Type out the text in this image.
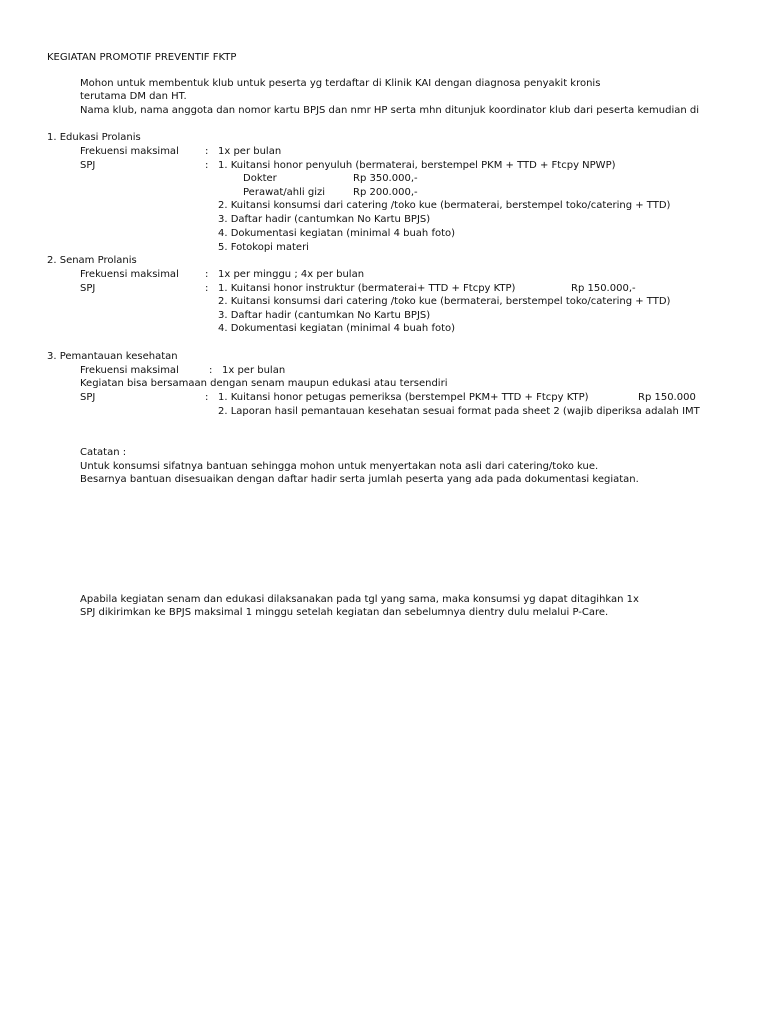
KEGIATAN PROMOTIF PREVENTIF FKTP
Mohon untuk membentuk klub untuk peserta yg terdaftar di Klinik KAI dengan diagnosa penyakit kronis
terutama DM dan HT.
Nama klub, nama anggota dan nomor kartu BPJS dan nmr HP serta mhn ditunjuk koordinator klub dari peserta kemudian di
1. Edukasi Prolanis
Frekuensi maksimal	: 1x per bulan
SPJ	: 1. Kuitansi honor penyuluh (bermaterai, berstempel PKM + TTD + Ftcpy NPWP)
Dokter	Rp 350.000,-
Perawat/ahli gizi	Rp 200.000,-
2. Kuitansi konsumsi dari catering /toko kue (bermaterai, berstempel toko/catering + TTD)
3. Daftar hadir (cantumkan No Kartu BPJS)
4. Dokumentasi kegiatan (minimal 4 buah foto)
5. Fotokopi materi
2. Senam Prolanis
Frekuensi maksimal	: 1x per minggu ; 4x per bulan
SPJ	: 1. Kuitansi honor instruktur (bermaterai+ TTD + Ftcpy KTP)	Rp 150.000,-
2. Kuitansi konsumsi dari catering /toko kue (bermaterai, berstempel toko/catering + TTD)
3. Daftar hadir (cantumkan No Kartu BPJS)
4. Dokumentasi kegiatan (minimal 4 buah foto)
3. Pemantauan kesehatan
Frekuensi maksimal	: 1x per bulan
Kegiatan bisa bersamaan dengan senam maupun edukasi atau tersendiri
SPJ	: 1. Kuitansi honor petugas pemeriksa (berstempel PKM+ TTD + Ftcpy KTP)	Rp 150.000
2. Laporan hasil pemantauan kesehatan sesuai format pada sheet 2 (wajib diperiksa adalah IMT
Catatan :
Untuk konsumsi sifatnya bantuan sehingga mohon untuk menyertakan nota asli dari catering/toko kue.
Besarnya bantuan disesuaikan dengan daftar hadir serta jumlah peserta yang ada pada dokumentasi kegiatan.
Apabila kegiatan senam dan edukasi dilaksanakan pada tgl yang sama, maka konsumsi yg dapat ditagihkan 1x
SPJ dikirimkan ke BPJS maksimal 1 minggu setelah kegiatan dan sebelumnya dientry dulu melalui P-Care.
